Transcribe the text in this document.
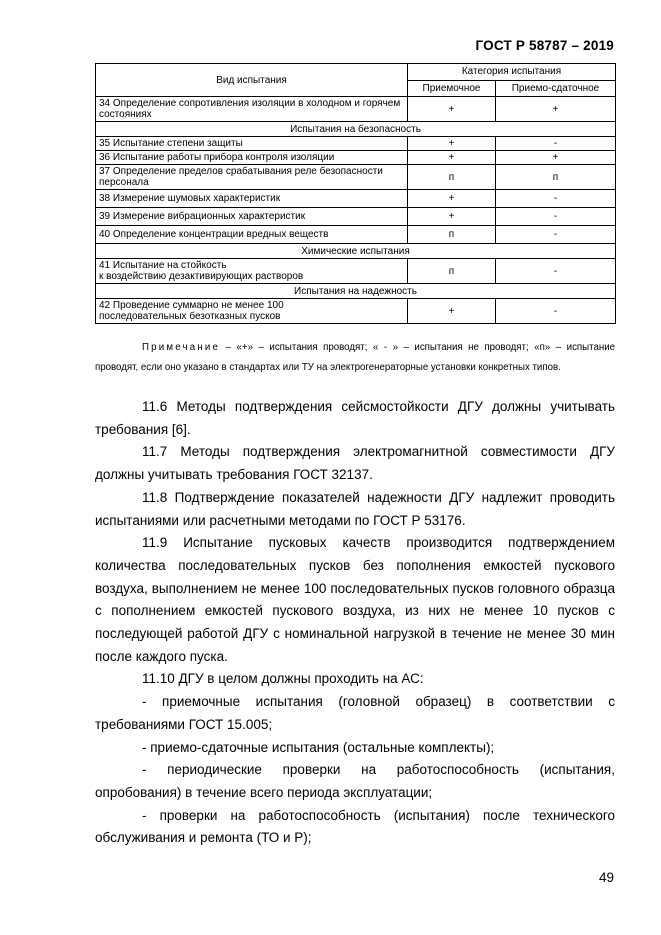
ГОСТ Р 58787 – 2019
Вид испытания	Категория испытания	
	Приемочное	Приемо-сдаточное
34 Определение сопротивления изоляции в холодном и горячем состояниях	+	+
Испытания на безопасность		
35 Испытание степени защиты	+	-
36 Испытание работы прибора контроля изоляции	+	+
37 Определение пределов срабатывания реле безопасности персонала	п	п
38 Измерение шумовых характеристик	+	-
39 Измерение вибрационных характеристик	+	-
40 Определение концентрации вредных веществ	п	-
Химические испытания		

41 Испытание на стойкость
к воздействию дезактивирующих растворов	п	-
Испытания на надежность		

42 Проведение суммарно не менее 100
последовательных безотказных пусков	+	-
Примечание – «+» – испытания проводят; « - » – испытания не проводят; «п» – испытание проводят, если оно указано в стандартах или ТУ на электрогенераторные установки конкретных типов.

11.6 Методы подтверждения сейсмостойкости ДГУ должны учитывать требования [6].

11.7 Методы подтверждения электромагнитной совместимости ДГУ должны учитывать требования ГОСТ 32137.

11.8 Подтверждение показателей надежности ДГУ надлежит проводить испытаниями или расчетными методами по ГОСТ Р 53176.

11.9 Испытание пусковых качеств производится подтверждением количества последовательных пусков без пополнения емкостей пускового воздуха, выполнением не менее 100 последовательных пусков головного образца с пополнением емкостей пускового воздуха, из них не менее 10 пусков с последующей работой ДГУ с номинальной нагрузкой в течение не менее 30 мин после каждого пуска.

11.10 ДГУ в целом должны проходить на АС:

- приемочные испытания (головной образец) в соответствии с требованиями ГОСТ 15.005;

- приемо-сдаточные испытания (остальные комплекты);

- периодические проверки на работоспособность (испытания, опробования) в течение всего периода эксплуатации;

- проверки на работоспособность (испытания) после технического обслуживания и ремонта (ТО и Р);

49
